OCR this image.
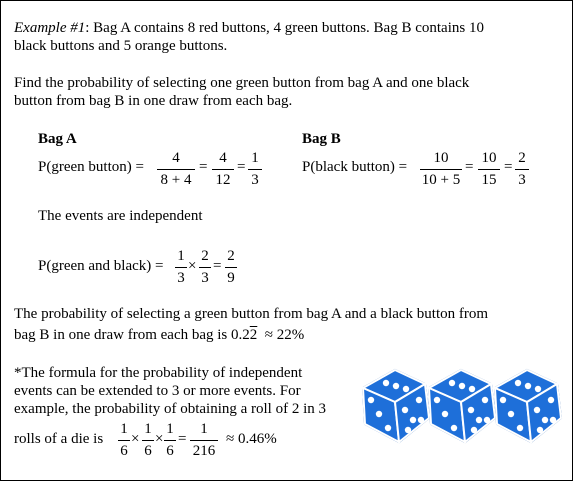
Example #1: Bag A contains 8 red buttons, 4 green buttons. Bag B contains 10
black buttons and 5 orange buttons.
Find the probability of selecting one green button from bag A and one black
button from bag B in one draw from each bag.
Bag A
P(green button) =
4
8 + 4
=
4
12
=
1
3
Bag B
P(black button) =
10
10 + 5
=
10
15
=
2
3
The events are independent
P(green and black) =
1
3
×
2
3
=
2
9
The probability of selecting a green button from bag A and a black button from
bag B in one draw from each bag is 0.22 ≈ 22%
*The formula for the probability of independent
events can be extended to 3 or more events. For
example, the probability of obtaining a roll of 2 in 3
rolls of a die is
1
6
×
1
6
×
1
6
=
1
216
≈ 0.46%
